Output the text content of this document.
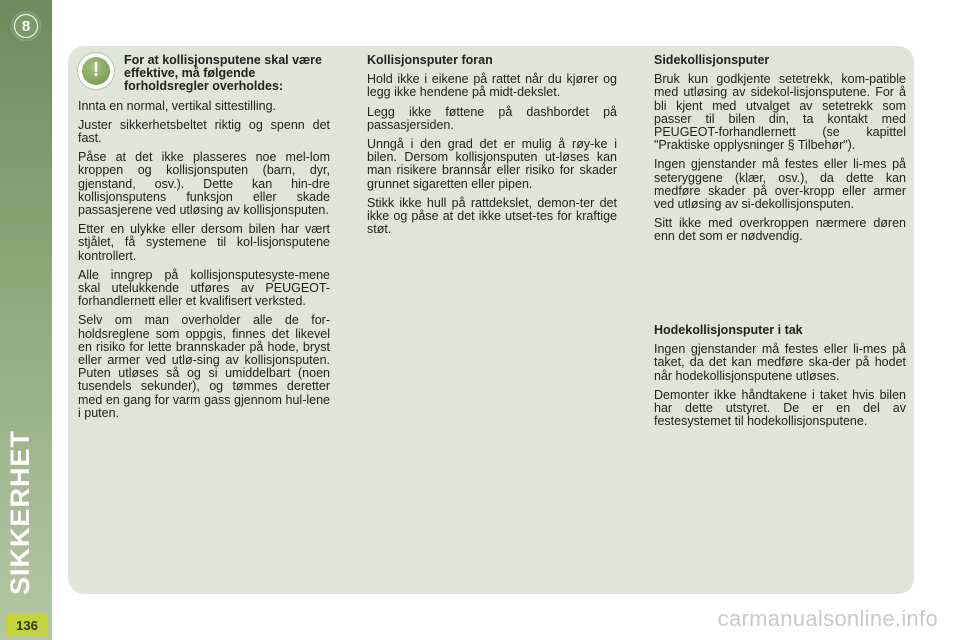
8
SIKKERHET
136
!	For at kollisjonsputene skal være effektive, må følgende forholdsregler overholdes:

Innta en normal, vertikal sittestilling.

Juster sikkerhetsbeltet riktig og spenn det fast.

Påse at det ikke plasseres noe mel-lom kroppen og kollisjonsputen (barn, dyr, gjenstand, osv.). Dette kan hin-dre kollisjonsputens funksjon eller skade passasjerene ved utløsing av kollisjonsputen.

Etter en ulykke eller dersom bilen har vært stjålet, få systemene til kol-lisjonsputene kontrollert.

Alle inngrep på kollisjonsputesyste-mene skal utelukkende utføres av PEUGEOT-forhandlernett eller et kvalifisert verksted.

Selv om man overholder alle de for-holdsreglene som oppgis, finnes det likevel en risiko for lette brannskader på hode, bryst eller armer ved utlø-sing av kollisjonsputen. Puten utløses så og si umiddelbart (noen tusendels sekunder), og tømmes deretter med en gang for varm gass gjennom hul-lene i puten.

Kollisjonsputer foran

Hold ikke i eikene på rattet når du kjører og legg ikke hendene på midt-dekslet.

Legg ikke føttene på dashbordet på passasjersiden.

Unngå i den grad det er mulig å røy-ke i bilen. Dersom kollisjonsputen ut-løses kan man risikere brannsår eller risiko for skader grunnet sigaretten eller pipen.

Stikk ikke hull på rattdekslet, demon-ter det ikke og påse at det ikke utset-tes for kraftige støt.

Sidekollisjonsputer

Bruk kun godkjente setetrekk, kom-patible med utløsing av sidekol-lisjonsputene. For å bli kjent med utvalget av setetrekk som passer til bilen din, ta kontakt med PEUGEOT-forhandlernett (se kapittel "Praktiske opplysninger § Tilbehør").

Ingen gjenstander må festes eller li-mes på seteryggene (klær, osv.), da dette kan medføre skader på over-kropp eller armer ved utløsing av si-dekollisjonsputen.

Sitt ikke med overkroppen nærmere døren enn det som er nødvendig.

Hodekollisjonsputer i tak

Ingen gjenstander må festes eller li-mes på taket, da det kan medføre ska-der på hodet når hodekollisjonsputene utløses.

Demonter ikke håndtakene i taket hvis bilen har dette utstyret. De er en del av festesystemet til hodekollisjonsputene.

carmanualsonline.info
